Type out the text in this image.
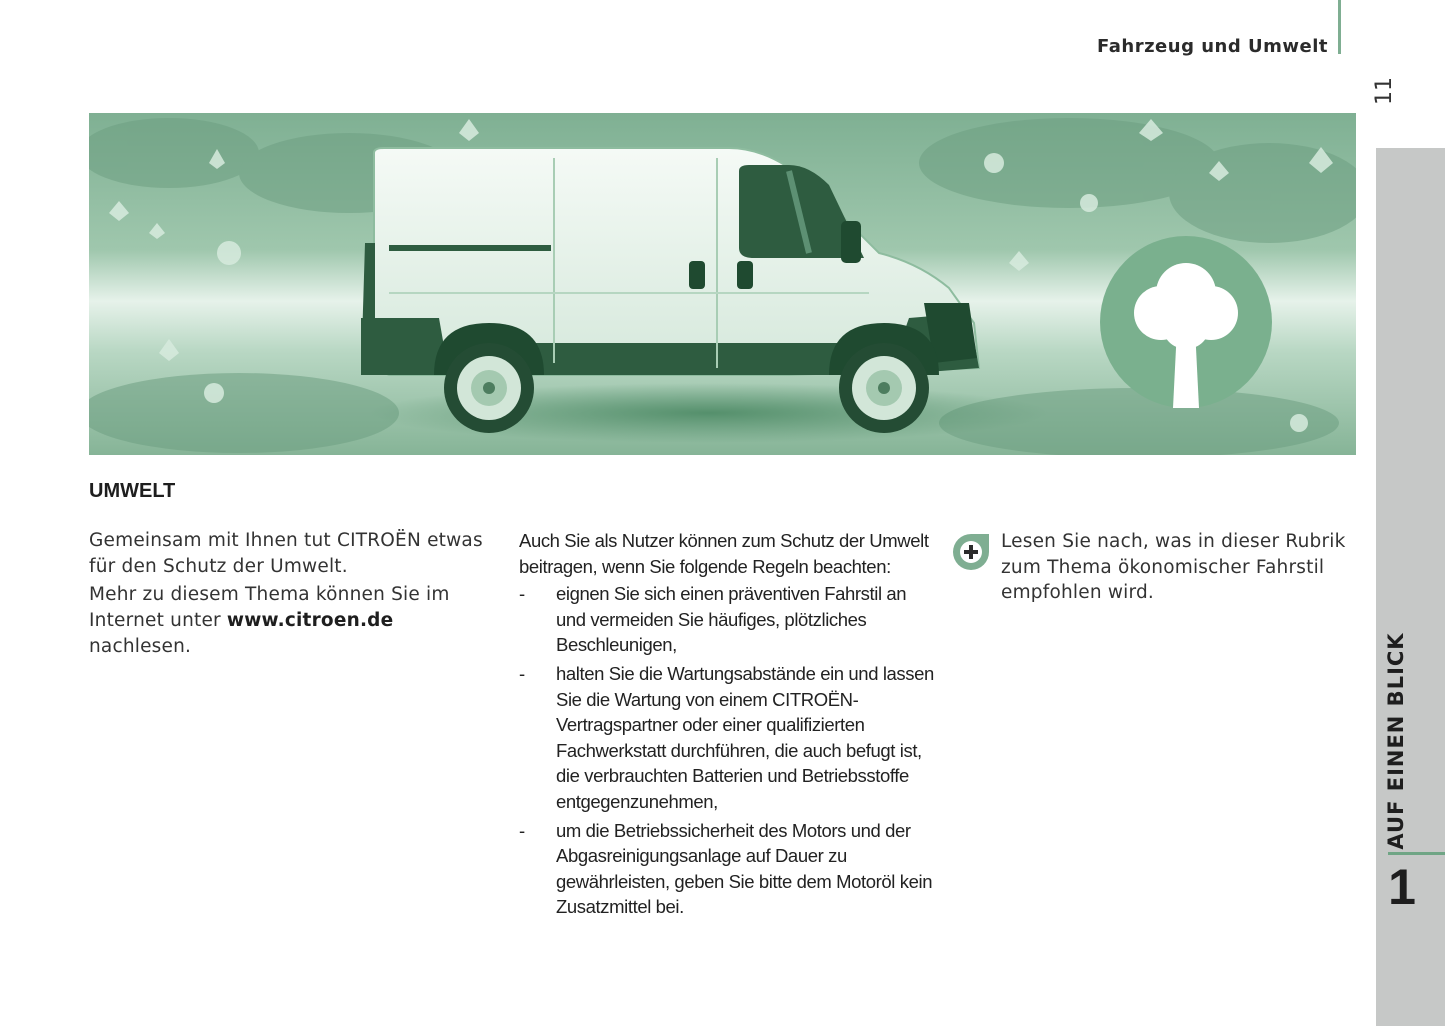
Fahrzeug und Umwelt
11
AUF EINEN BLICK
1
UMWELT

Gemeinsam mit Ihnen tut CITROËN etwas für den Schutz der Umwelt.

Mehr zu diesem Thema können Sie im Internet unter www.citroen.de nachlesen.

Auch Sie als Nutzer können zum Schutz der Umwelt beitragen, wenn Sie folgende Regeln beachten:

- eignen Sie sich einen präventiven Fahrstil an und vermeiden Sie häufiges, plötzliches Beschleunigen,
- halten Sie die Wartungsabstände ein und lassen Sie die Wartung von einem CITROËN-Vertragspartner oder einer qualifizierten Fachwerkstatt durchführen, die auch befugt ist, die verbrauchten Batterien und Betriebsstoffe entgegenzunehmen,
- um die Betriebssicherheit des Motors und der Abgasreinigungsanlage auf Dauer zu gewährleisten, geben Sie bitte dem Motoröl kein Zusatzmittel bei.
Lesen Sie nach, was in dieser Rubrik zum Thema ökonomischer Fahrstil empfohlen wird.
